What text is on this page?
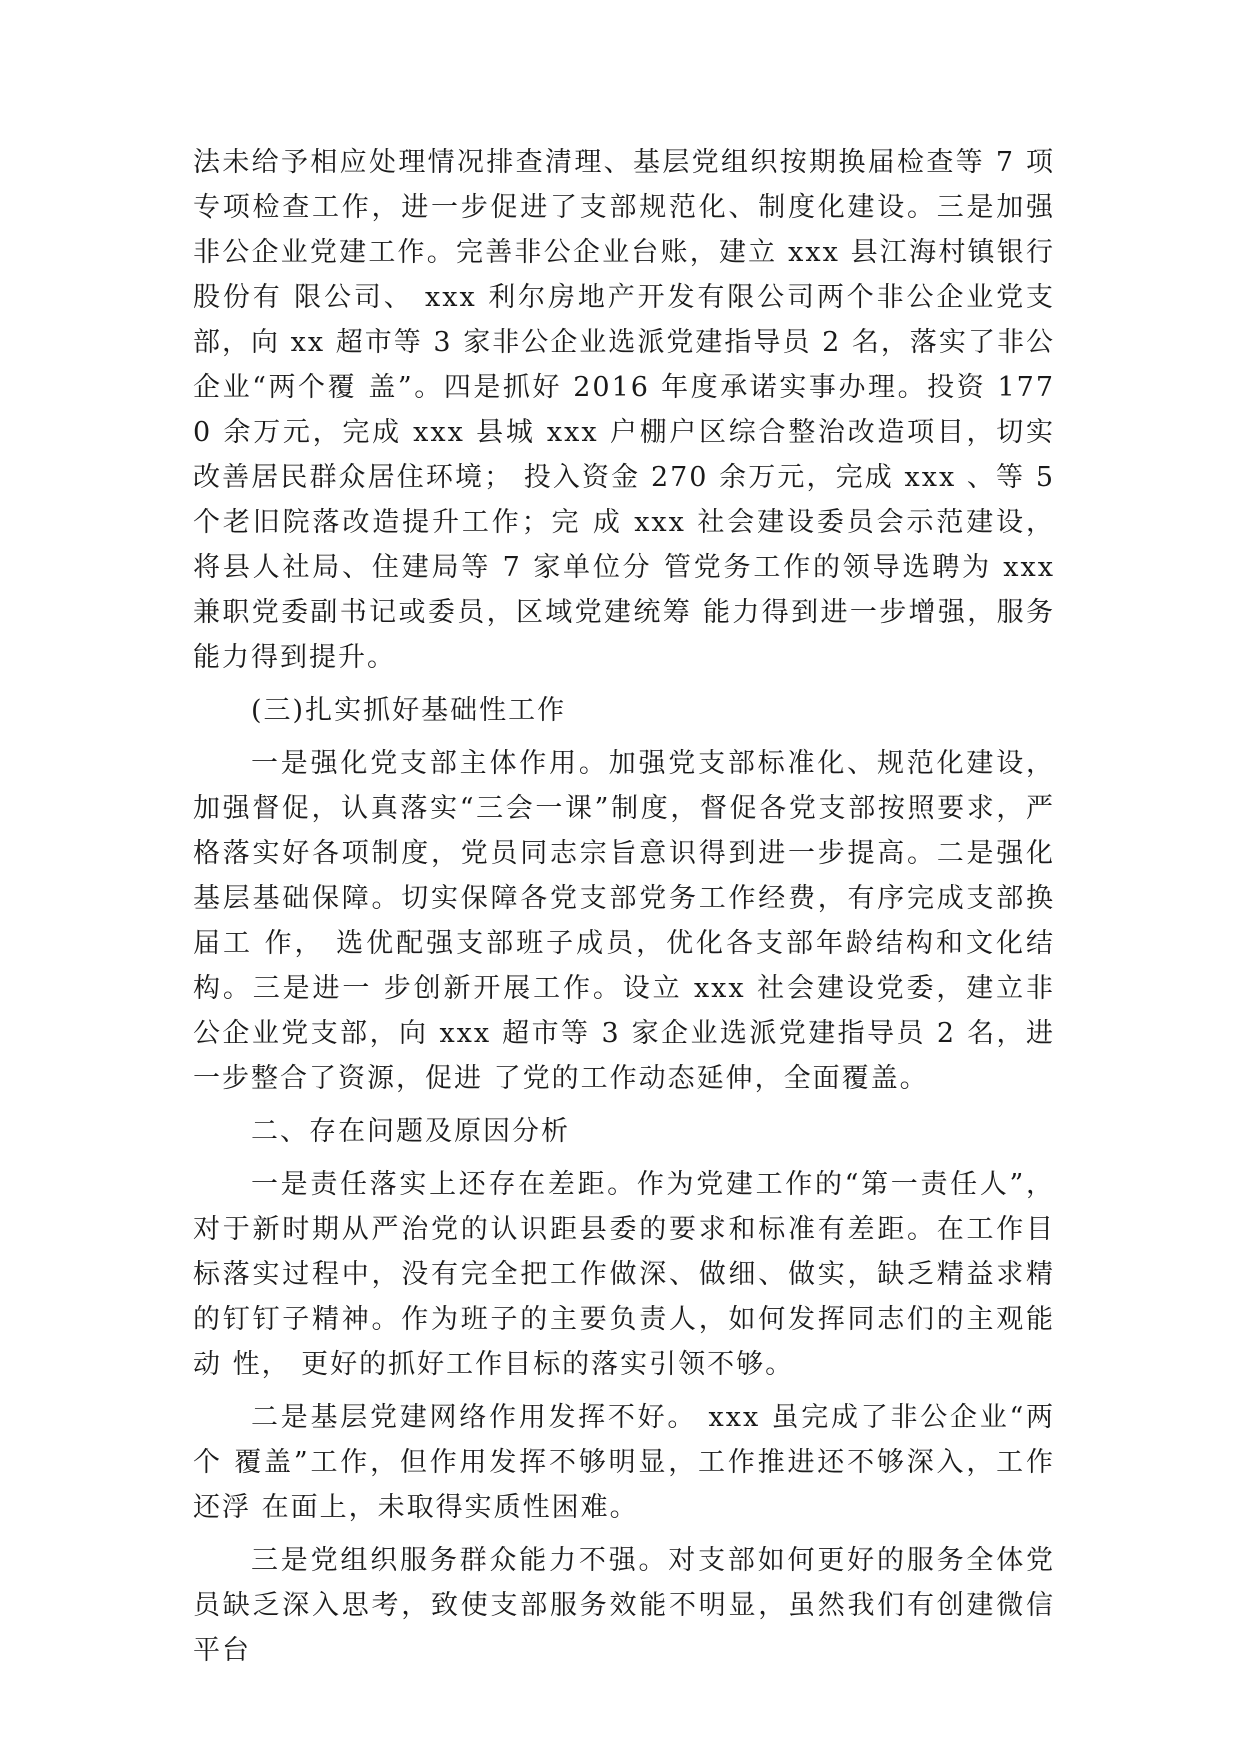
法未给予相应处理情况排查清理、基层党组织按期换届检查等 7 项专项检查工作，进一步促进了支部规范化、制度化建设。三是加强非公企业党建工作。完善非公企业台账，建立 xxx 县江海村镇银行股份有 限公司、 xxx 利尔房地产开发有限公司两个非公企业党支部，向 xx 超市等 3 家非公企业选派党建指导员 2 名，落实了非公企业“两个覆 盖”。四是抓好 2016 年度承诺实事办理。投资 1770 余万元，完成 xxx 县城 xxx 户棚户区综合整治改造项目，切实改善居民群众居住环境； 投入资金 270 余万元，完成 xxx 、等 5 个老旧院落改造提升工作；完 成 xxx 社会建设委员会示范建设，将县人社局、住建局等 7 家单位分 管党务工作的领导选聘为 xxx 兼职党委副书记或委员，区域党建统筹 能力得到进一步增强，服务能力得到提升。

(三)扎实抓好基础性工作

一是强化党支部主体作用。加强党支部标准化、规范化建设，加强督促，认真落实“三会一课”制度，督促各党支部按照要求，严格落实好各项制度，党员同志宗旨意识得到进一步提高。二是强化基层基础保障。切实保障各党支部党务工作经费，有序完成支部换届工 作， 选优配强支部班子成员，优化各支部年龄结构和文化结构。三是进一 步创新开展工作。设立 xxx 社会建设党委，建立非公企业党支部，向 xxx 超市等 3 家企业选派党建指导员 2 名，进一步整合了资源，促进 了党的工作动态延伸，全面覆盖。

二、存在问题及原因分析

一是责任落实上还存在差距。作为党建工作的“第一责任人”，对于新时期从严治党的认识距县委的要求和标准有差距。在工作目标落实过程中，没有完全把工作做深、做细、做实，缺乏精益求精的钉钉子精神。作为班子的主要负责人，如何发挥同志们的主观能动 性， 更好的抓好工作目标的落实引领不够。

二是基层党建网络作用发挥不好。 xxx 虽完成了非公企业“两个 覆盖”工作，但作用发挥不够明显，工作推进还不够深入，工作还浮 在面上，未取得实质性困难。

三是党组织服务群众能力不强。对支部如何更好的服务全体党员缺乏深入思考，致使支部服务效能不明显，虽然我们有创建微信平台
